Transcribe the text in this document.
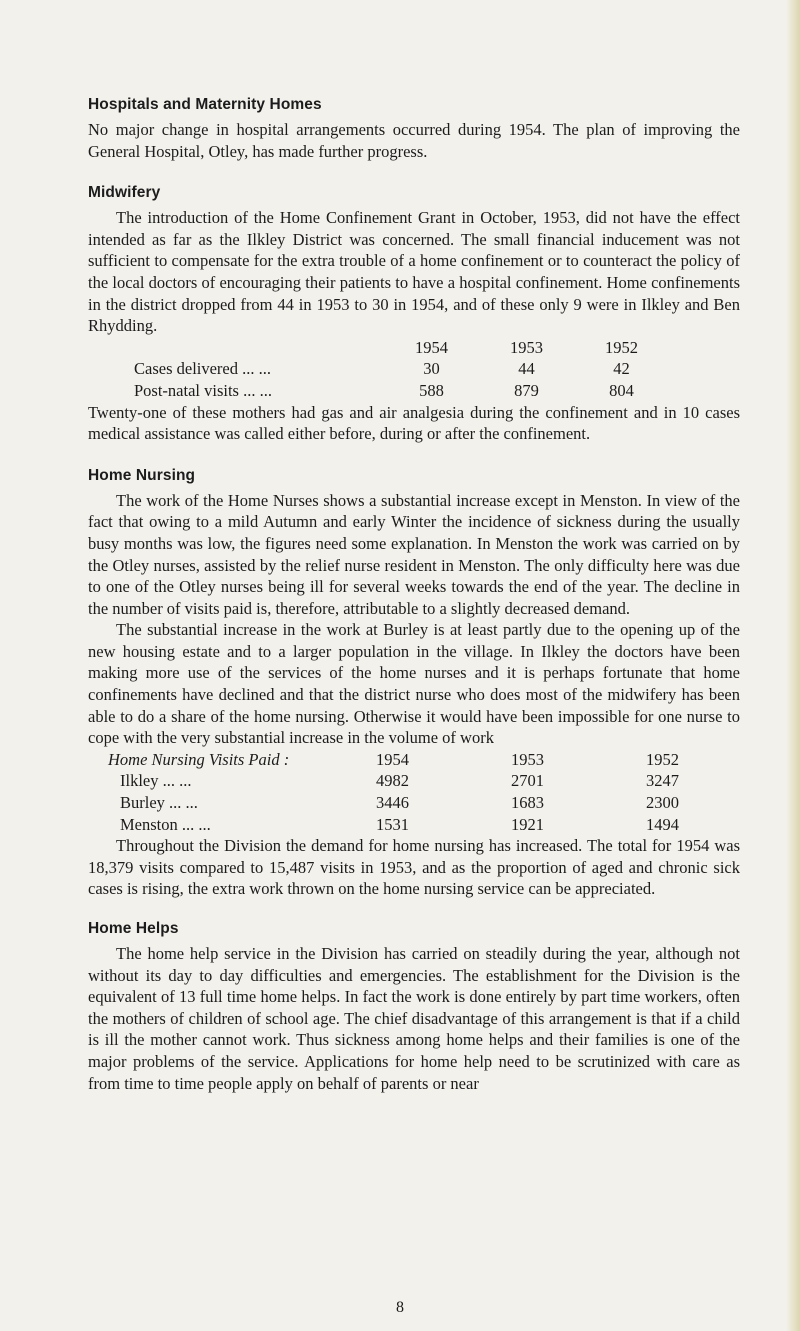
Hospitals and Maternity Homes

No major change in hospital arrangements occurred during 1954. The plan of improving the General Hospital, Otley, has made further progress.

Midwifery

The introduction of the Home Confinement Grant in October, 1953, did not have the effect intended as far as the Ilkley District was concerned. The small financial inducement was not sufficient to compensate for the extra trouble of a home confinement or to counteract the policy of the local doctors of encouraging their patients to have a hospital confinement. Home confinements in the district dropped from 44 in 1953 to 30 in 1954, and of these only 9 were in Ilkley and Ben Rhydding.

	1954	1953	1952
Cases delivered ... ...	30	44	42
Post-natal visits ... ...	588	879	804

Twenty-one of these mothers had gas and air analgesia during the confinement and in 10 cases medical assistance was called either before, during or after the confinement.

Home Nursing

The work of the Home Nurses shows a substantial increase except in Menston. In view of the fact that owing to a mild Autumn and early Winter the incidence of sickness during the usually busy months was low, the figures need some explanation. In Menston the work was carried on by the Otley nurses, assisted by the relief nurse resident in Menston. The only difficulty here was due to one of the Otley nurses being ill for several weeks towards the end of the year. The decline in the number of visits paid is, therefore, attributable to a slightly decreased demand.

The substantial increase in the work at Burley is at least partly due to the opening up of the new housing estate and to a larger population in the village. In Ilkley the doctors have been making more use of the services of the home nurses and it is perhaps fortunate that home confinements have declined and that the district nurse who does most of the midwifery has been able to do a share of the home nursing. Otherwise it would have been impossible for one nurse to cope with the very substantial increase in the volume of work

Home Nursing Visits Paid :	1954	1953	1952
Ilkley ... ...	4982	2701	3247
Burley ... ...	3446	1683	2300
Menston ... ...	1531	1921	1494

Throughout the Division the demand for home nursing has increased. The total for 1954 was 18,379 visits compared to 15,487 visits in 1953, and as the proportion of aged and chronic sick cases is rising, the extra work thrown on the home nursing service can be appreciated.

Home Helps

The home help service in the Division has carried on steadily during the year, although not without its day to day difficulties and emergencies. The establishment for the Division is the equivalent of 13 full time home helps. In fact the work is done entirely by part time workers, often the mothers of children of school age. The chief disadvantage of this arrangement is that if a child is ill the mother cannot work. Thus sickness among home helps and their families is one of the major problems of the service. Applications for home help need to be scrutinized with care as from time to time people apply on behalf of parents or near

8
